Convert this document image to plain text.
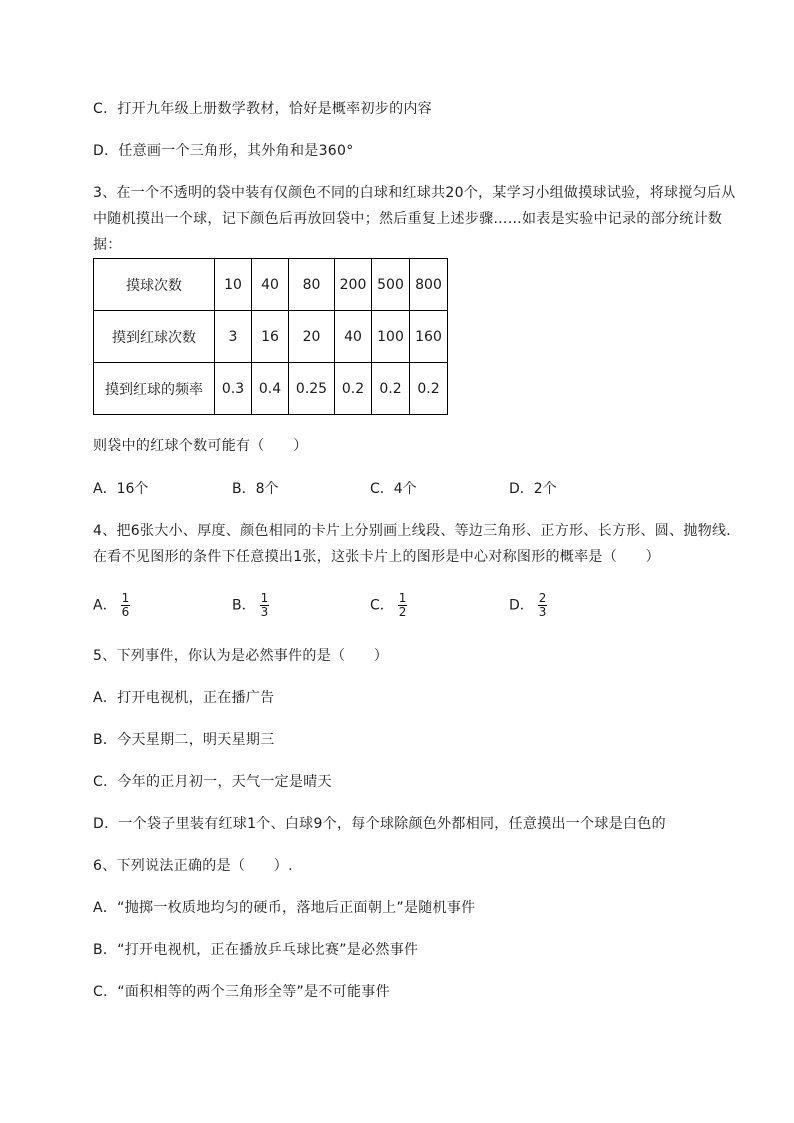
C．打开九年级上册数学教材，恰好是概率初步的内容
D．任意画一个三角形，其外角和是360°
3、在一个不透明的袋中装有仅颜色不同的白球和红球共20个，某学习小组做摸球试验，将球搅匀后从中随机摸出一个球，记下颜色后再放回袋中；然后重复上述步骤……如表是实验中记录的部分统计数据：
摸球次数	10	40	80	200	500	800
摸到红球次数	3	16	20	40	100	160
摸到红球的频率	0.3	0.4	0.25	0.2	0.2	0.2
则袋中的红球个数可能有（　　）
A．16个	B．8个	C．4个	D．2个
4、把6张大小、厚度、颜色相同的卡片上分别画上线段、等边三角形、正方形、长方形、圆、抛物线．在看不见图形的条件下任意摸出1张，这张卡片上的图形是中心对称图形的概率是（　　）
A． $\frac{1}{6}$	B． $\frac{1}{3}$	C． $\frac{1}{2}$	D． $\frac{2}{3}$
5、下列事件，你认为是必然事件的是（　　）
A．打开电视机，正在播广告
B．今天星期二，明天星期三
C．今年的正月初一，天气一定是晴天
D．一个袋子里装有红球1个、白球9个，每个球除颜色外都相同，任意摸出一个球是白色的
6、下列说法正确的是（　　）.
A．“抛掷一枚质地均匀的硬币，落地后正面朝上”是随机事件
B．“打开电视机，正在播放乒乓球比赛”是必然事件
C．“面积相等的两个三角形全等”是不可能事件
